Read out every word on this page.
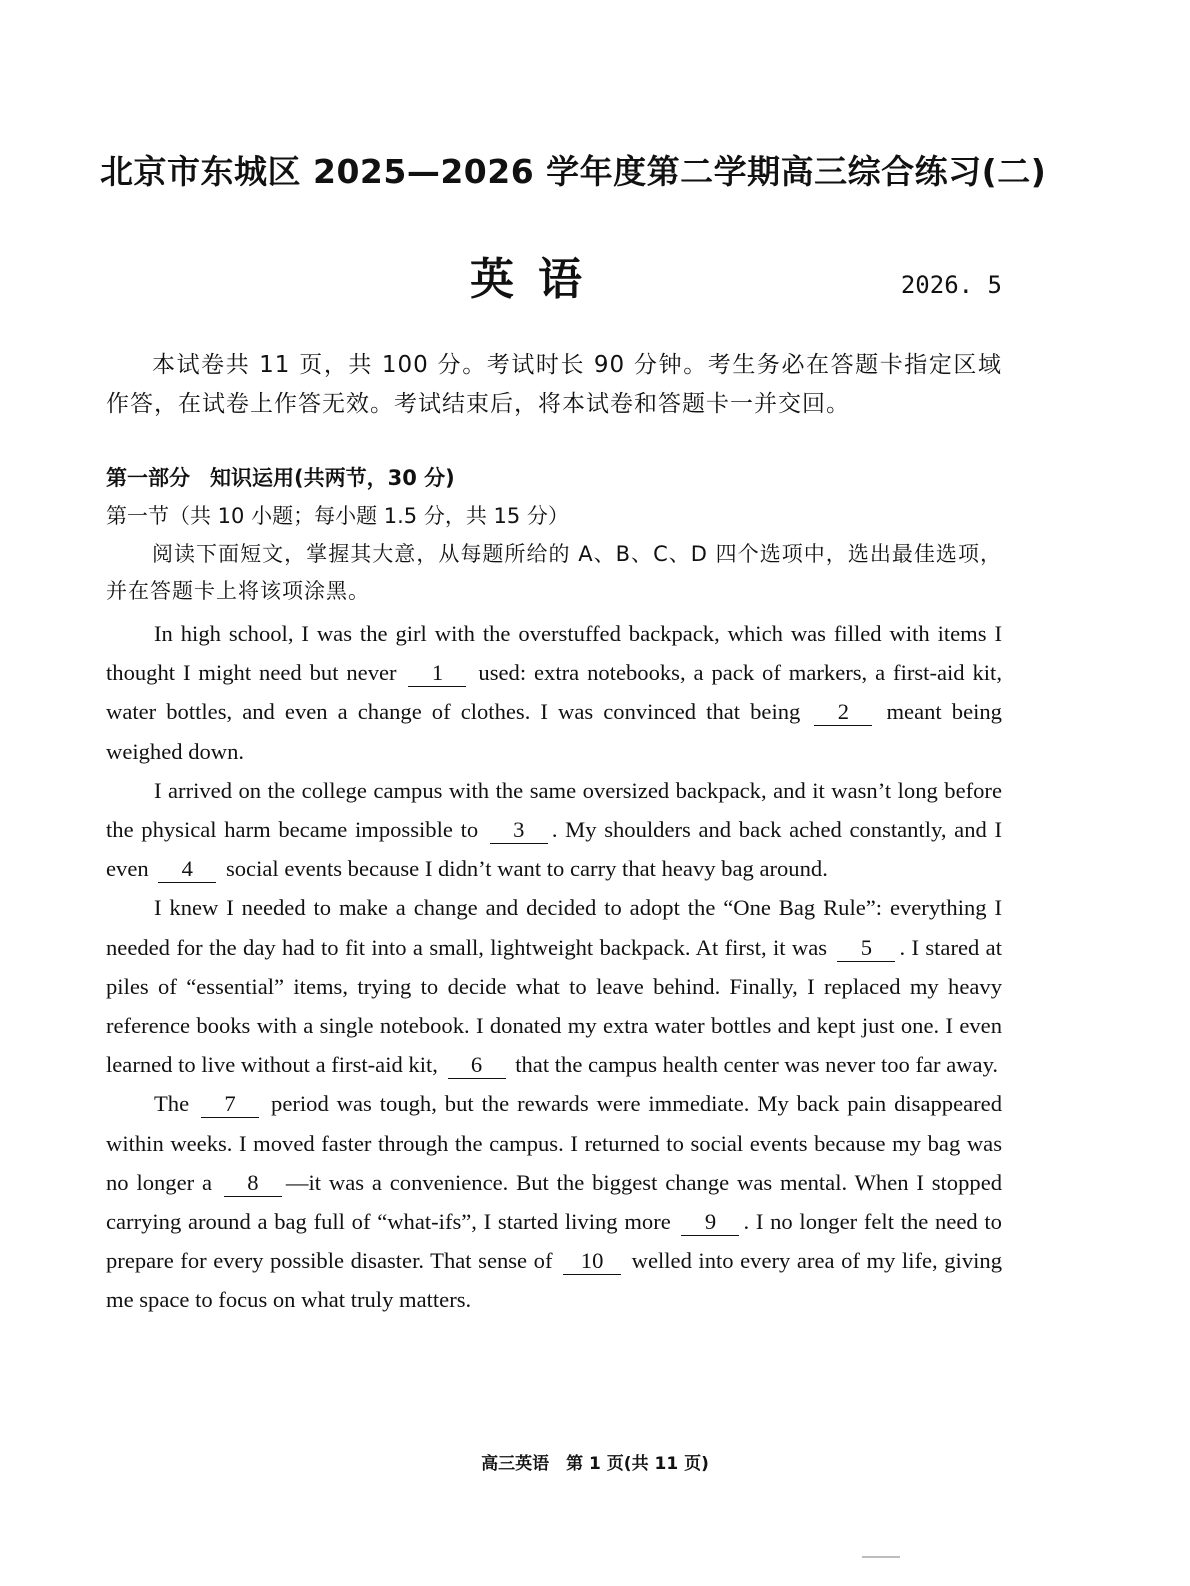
北京市东城区 2025—2026 学年度第二学期高三综合练习(二)
英语	2026. 5
本试卷共 11 页，共 100 分。考试时长 90 分钟。考生务必在答题卡指定区域作答，在试卷上作答无效。考试结束后，将本试卷和答题卡一并交回。
第一部分 知识运用(共两节，30 分)
第一节（共 10 小题；每小题 1.5 分，共 15 分）
阅读下面短文，掌握其大意，从每题所给的 A、B、C、D 四个选项中，选出最佳选项，并在答题卡上将该项涂黑。

In high school, I was the girl with the overstuffed backpack, which was filled with items I thought I might need but never 1 used: extra notebooks, a pack of markers, a first-aid kit, water bottles, and even a change of clothes. I was convinced that being 2 meant being weighed down.

I arrived on the college campus with the same oversized backpack, and it wasn’t long before the physical harm became impossible to 3 . My shoulders and back ached constantly, and I even 4 social events because I didn’t want to carry that heavy bag around.

I knew I needed to make a change and decided to adopt the “One Bag Rule”: everything I needed for the day had to fit into a small, lightweight backpack. At first, it was 5 . I stared at piles of “essential” items, trying to decide what to leave behind. Finally, I replaced my heavy reference books with a single notebook. I donated my extra water bottles and kept just one. I even learned to live without a first-aid kit, 6 that the campus health center was never too far away.

The 7 period was tough, but the rewards were immediate. My back pain disappeared within weeks. I moved faster through the campus. I returned to social events because my bag was no longer a 8 —it was a convenience. But the biggest change was mental. When I stopped carrying around a bag full of “what-ifs”, I started living more 9 . I no longer felt the need to prepare for every possible disaster. That sense of 10 welled into every area of my life, giving me space to focus on what truly matters.

高三英语　第 1 页(共 11 页)
